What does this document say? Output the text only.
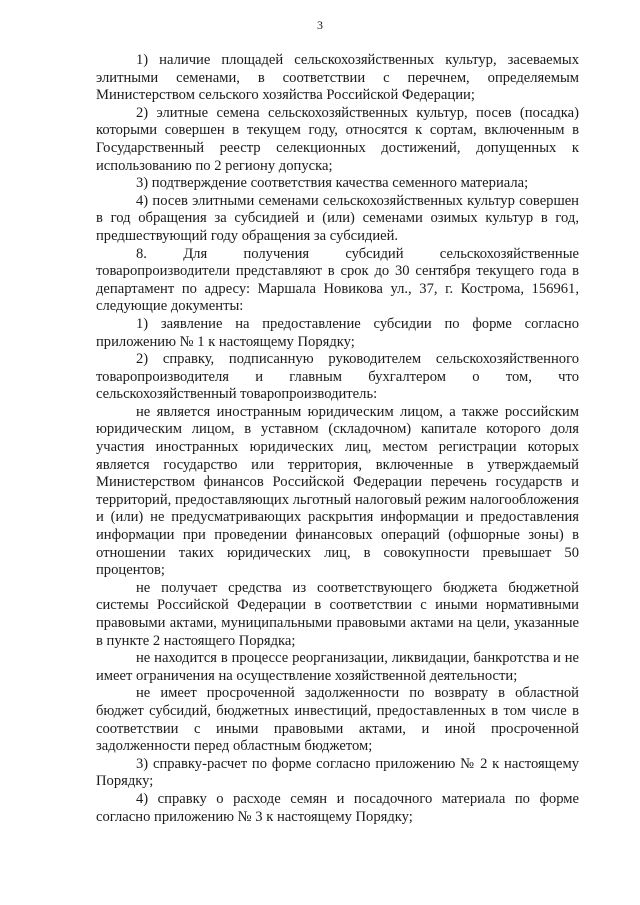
3

1) наличие площадей сельскохозяйственных культур, засеваемых элитными семенами, в соответствии с перечнем, определяемым Министерством сельского хозяйства Российской Федерации;

2) элитные семена сельскохозяйственных культур, посев (посадка) которыми совершен в текущем году, относятся к сортам, включенным в Государственный реестр селекционных достижений, допущенных к использованию по 2 региону допуска;

3) подтверждение соответствия качества семенного материала;

4) посев элитными семенами сельскохозяйственных культур совершен в год обращения за субсидией и (или) семенами озимых культур в год, предшествующий году обращения за субсидией.

8. Для получения субсидий сельскохозяйственные товаропроизводители представляют в срок до 30 сентября текущего года в департамент по адресу: Маршала Новикова ул., 37, г. Кострома, 156961, следующие документы:

1) заявление на предоставление субсидии по форме согласно приложению № 1 к настоящему Порядку;

2) справку, подписанную руководителем сельскохозяйственного товаропроизводителя и главным бухгалтером о том, что сельскохозяйственный товаропроизводитель:

не является иностранным юридическим лицом, а также российским юридическим лицом, в уставном (складочном) капитале которого доля участия иностранных юридических лиц, местом регистрации которых является государство или территория, включенные в утверждаемый Министерством финансов Российской Федерации перечень государств и территорий, предоставляющих льготный налоговый режим налогообложения и (или) не предусматривающих раскрытия информации и предоставления информации при проведении финансовых операций (офшорные зоны) в отношении таких юридических лиц, в совокупности превышает 50 процентов;

не получает средства из соответствующего бюджета бюджетной системы Российской Федерации в соответствии с иными нормативными правовыми актами, муниципальными правовыми актами на цели, указанные в пункте 2 настоящего Порядка;

не находится в процессе реорганизации, ликвидации, банкротства и не имеет ограничения на осуществление хозяйственной деятельности;

не имеет просроченной задолженности по возврату в областной бюджет субсидий, бюджетных инвестиций, предоставленных в том числе в соответствии с иными правовыми актами, и иной просроченной задолженности перед областным бюджетом;

3) справку-расчет по форме согласно приложению № 2 к настоящему Порядку;

4) справку о расходе семян и посадочного материала по форме согласно приложению № 3 к настоящему Порядку;
